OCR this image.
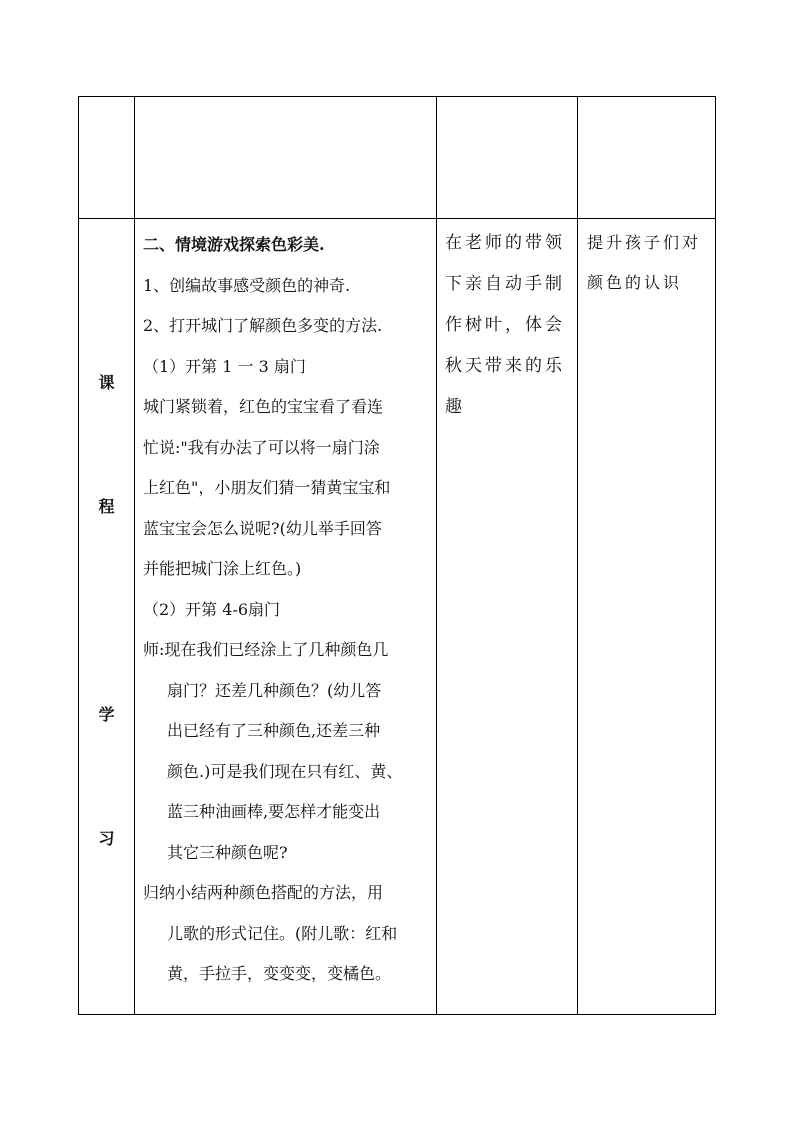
课
程
学
习
二、情境游戏探索色彩美.
1、创编故事感受颜色的神奇.
2、打开城门了解颜色多变的方法.
（1）开第 1 一 3 扇门
城门紧锁着，红色的宝宝看了看连
忙说:"我有办法了可以将一扇门涂
上红色"，小朋友们猜一猜黄宝宝和
蓝宝宝会怎么说呢?(幼儿举手回答
并能把城门涂上红色。)
（2）开第 4-6扇门
师:现在我们已经涂上了几种颜色几
扇门？还差几种颜色？(幼儿答
出已经有了三种颜色,还差三种
颜色.)可是我们现在只有红、黄、
蓝三种油画棒,要怎样才能变出
其它三种颜色呢?
归纳小结两种颜色搭配的方法，用
儿歌的形式记住。(附儿歌：红和
黄，手拉手，变变变，变橘色。
在老师的带领
下亲自动手制
作树叶，体会
秋天带来的乐
趣
提升孩子们对
颜色的认识
